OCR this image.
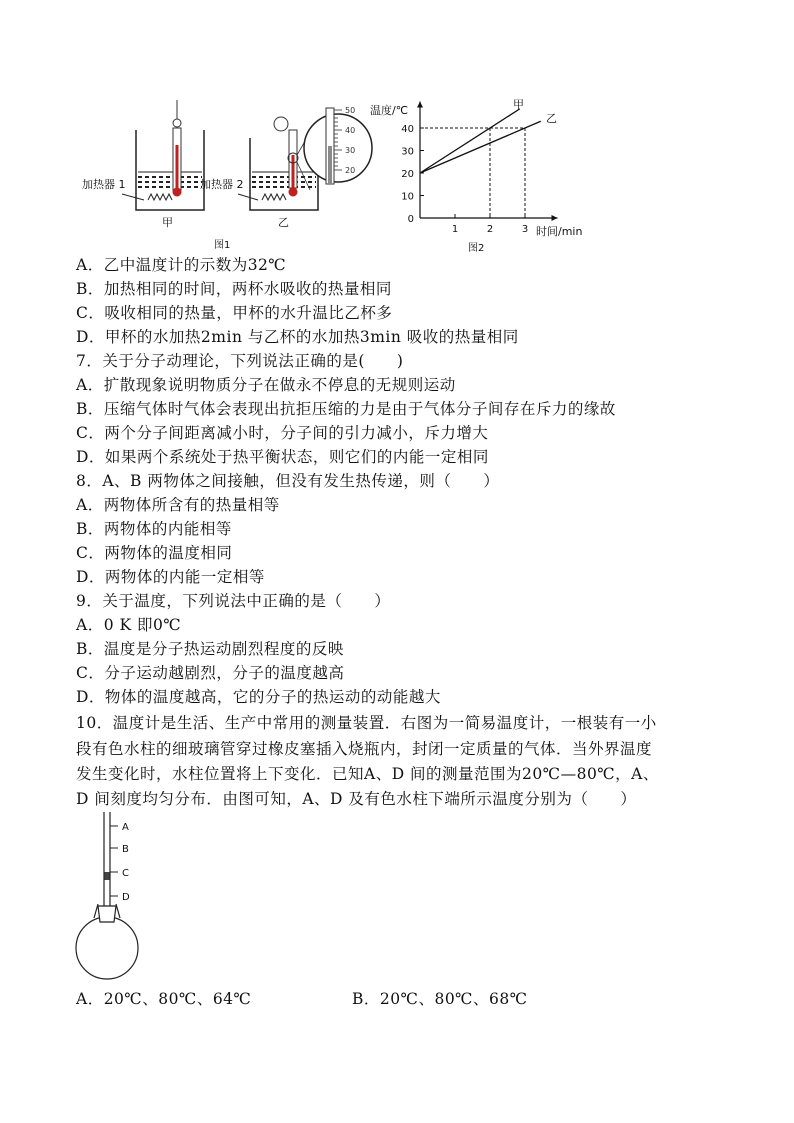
加热器 1
甲
图1
加热器 2
乙
50
40
30
20
0
10
20
30
40
1	2	3
温度/℃
时间/min
图2
甲
乙
A．乙中温度计的示数为32℃
B．加热相同的时间，两杯水吸收的热量相同
C．吸收相同的热量，甲杯的水升温比乙杯多
D．甲杯的水加热2min 与乙杯的水加热3min 吸收的热量相同
7．关于分子动理论，下列说法正确的是(　　)
A．扩散现象说明物质分子在做永不停息的无规则运动
B．压缩气体时气体会表现出抗拒压缩的力是由于气体分子间存在斥力的缘故
C．两个分子间距离减小时，分子间的引力减小，斥力增大
D．如果两个系统处于热平衡状态，则它们的内能一定相同
8．A、B 两物体之间接触，但没有发生热传递，则（　　）
A．两物体所含有的热量相等
B．两物体的内能相等
C．两物体的温度相同
D．两物体的内能一定相等
9．关于温度，下列说法中正确的是（　　）
A．0 K 即0℃
B．温度是分子热运动剧烈程度的反映
C．分子运动越剧烈，分子的温度越高
D．物体的温度越高，它的分子的热运动的动能越大
10．温度计是生活、生产中常用的测量装置．右图为一简易温度计，一根装有一小
段有色水柱的细玻璃管穿过橡皮塞插入烧瓶内，封闭一定质量的气体．当外界温度
发生变化时，水柱位置将上下变化．已知A、D 间的测量范围为20℃—80℃，A、
D 间刻度均匀分布．由图可知，A、D 及有色水柱下端所示温度分别为（　　）
A
B
C
D
A．20℃、80℃、64℃	B．20℃、80℃、68℃
